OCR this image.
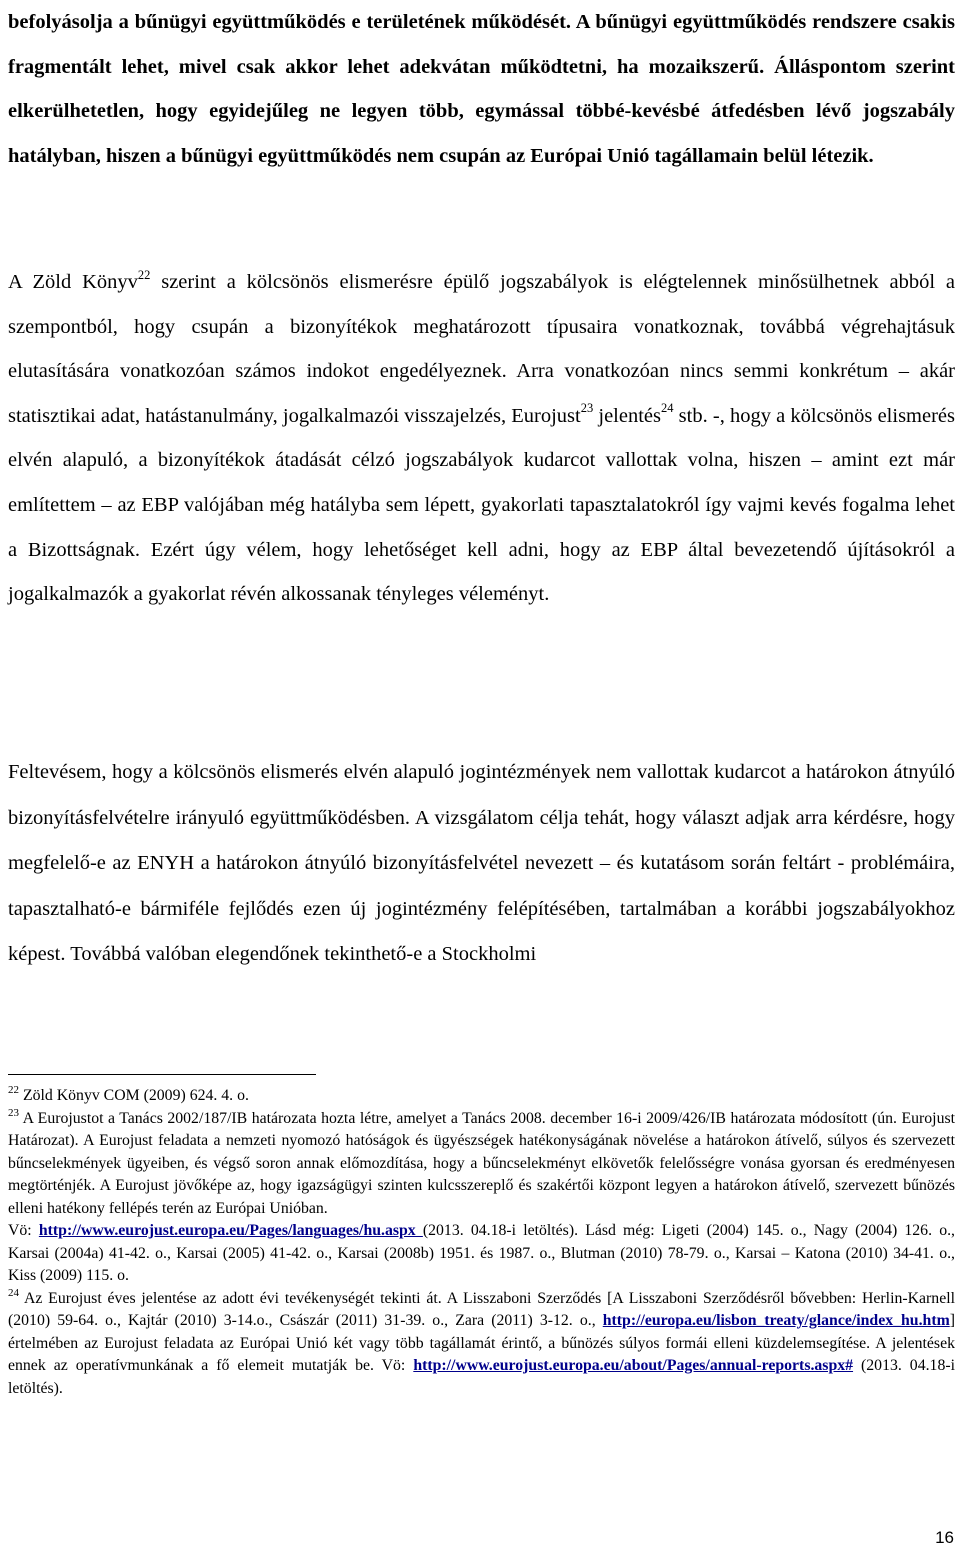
befolyásolja a bűnügyi együttműködés e területének működését. A bűnügyi együttműködés rendszere csakis fragmentált lehet, mivel csak akkor lehet adekvátan működtetni, ha mozaikszerű. Álláspontom szerint elkerülhetetlen, hogy egyidejűleg ne legyen több, egymással többé-kevésbé átfedésben lévő jogszabály hatályban, hiszen a bűnügyi együttműködés nem csupán az Európai Unió tagállamain belül létezik.

A Zöld Könyv$^{22}$ szerint a kölcsönös elismerésre épülő jogszabályok is elégtelennek minősülhetnek abból a szempontból, hogy csupán a bizonyítékok meghatározott típusaira vonatkoznak, továbbá végrehajtásuk elutasítására vonatkozóan számos indokot engedélyeznek. Arra vonatkozóan nincs semmi konkrétum – akár statisztikai adat, hatástanulmány, jogalkalmazói visszajelzés, Eurojust$^{23}$ jelentés$^{24}$ stb. -, hogy a kölcsönös elismerés elvén alapuló, a bizonyítékok átadását célzó jogszabályok kudarcot vallottak volna, hiszen – amint ezt már említettem – az EBP valójában még hatályba sem lépett, gyakorlati tapasztalatokról így vajmi kevés fogalma lehet a Bizottságnak. Ezért úgy vélem, hogy lehetőséget kell adni, hogy az EBP által bevezetendő újításokról a jogalkalmazók a gyakorlat révén alkossanak tényleges véleményt.

Feltevésem, hogy a kölcsönös elismerés elvén alapuló jogintézmények nem vallottak kudarcot a határokon átnyúló bizonyításfelvételre irányuló együttműködésben. A vizsgálatom célja tehát, hogy választ adjak arra kérdésre, hogy megfelelő-e az ENYH a határokon átnyúló bizonyításfelvétel nevezett – és kutatásom során feltárt - problémáira, tapasztalható-e bármiféle fejlődés ezen új jogintézmény felépítésében, tartalmában a korábbi jogszabályokhoz képest. Továbbá valóban elegendőnek tekinthető-e a Stockholmi

$^{22}$ Zöld Könyv COM (2009) 624. 4. o.

$^{23}$ A Eurojustot a Tanács 2002/187/IB határozata hozta létre, amelyet a Tanács 2008. december 16-i 2009/426/IB határozata módosított (ún. Eurojust Határozat). A Eurojust feladata a nemzeti nyomozó hatóságok és ügyészségek hatékonyságának növelése a határokon átívelő, súlyos és szervezett bűncselekmények ügyeiben, és végső soron annak előmozdítása, hogy a bűncselekményt elkövetők felelősségre vonása gyorsan és eredményesen megtörténjék. A Eurojust jövőképe az, hogy igazságügyi szinten kulcsszereplő és szakértői központ legyen a határokon átívelő, szervezett bűnözés elleni hatékony fellépés terén az Európai Unióban.
Vö: http://www.eurojust.europa.eu/Pages/languages/hu.aspx (2013. 04.18-i letöltés). Lásd még: Ligeti (2004) 145. o., Nagy (2004) 126. o., Karsai (2004a) 41-42. o., Karsai (2005) 41-42. o., Karsai (2008b) 1951. és 1987. o., Blutman (2010) 78-79. o., Karsai – Katona (2010) 34-41. o., Kiss (2009) 115. o.

$^{24}$ Az Eurojust éves jelentése az adott évi tevékenységét tekinti át. A Lisszaboni Szerződés [A Lisszaboni Szerződésről bővebben: Herlin-Karnell (2010) 59-64. o., Kajtár (2010) 3-14.o., Császár (2011) 31-39. o., Zara (2011) 3-12. o., http://europa.eu/lisbon_treaty/glance/index_hu.htm] értelmében az Eurojust feladata az Európai Unió két vagy több tagállamát érintő, a bűnözés súlyos formái elleni küzdelemsegítése. A jelentések ennek az operatívmunkának a fő elemeit mutatják be. Vö: http://www.eurojust.europa.eu/about/Pages/annual-reports.aspx# (2013. 04.18-i letöltés).

16
